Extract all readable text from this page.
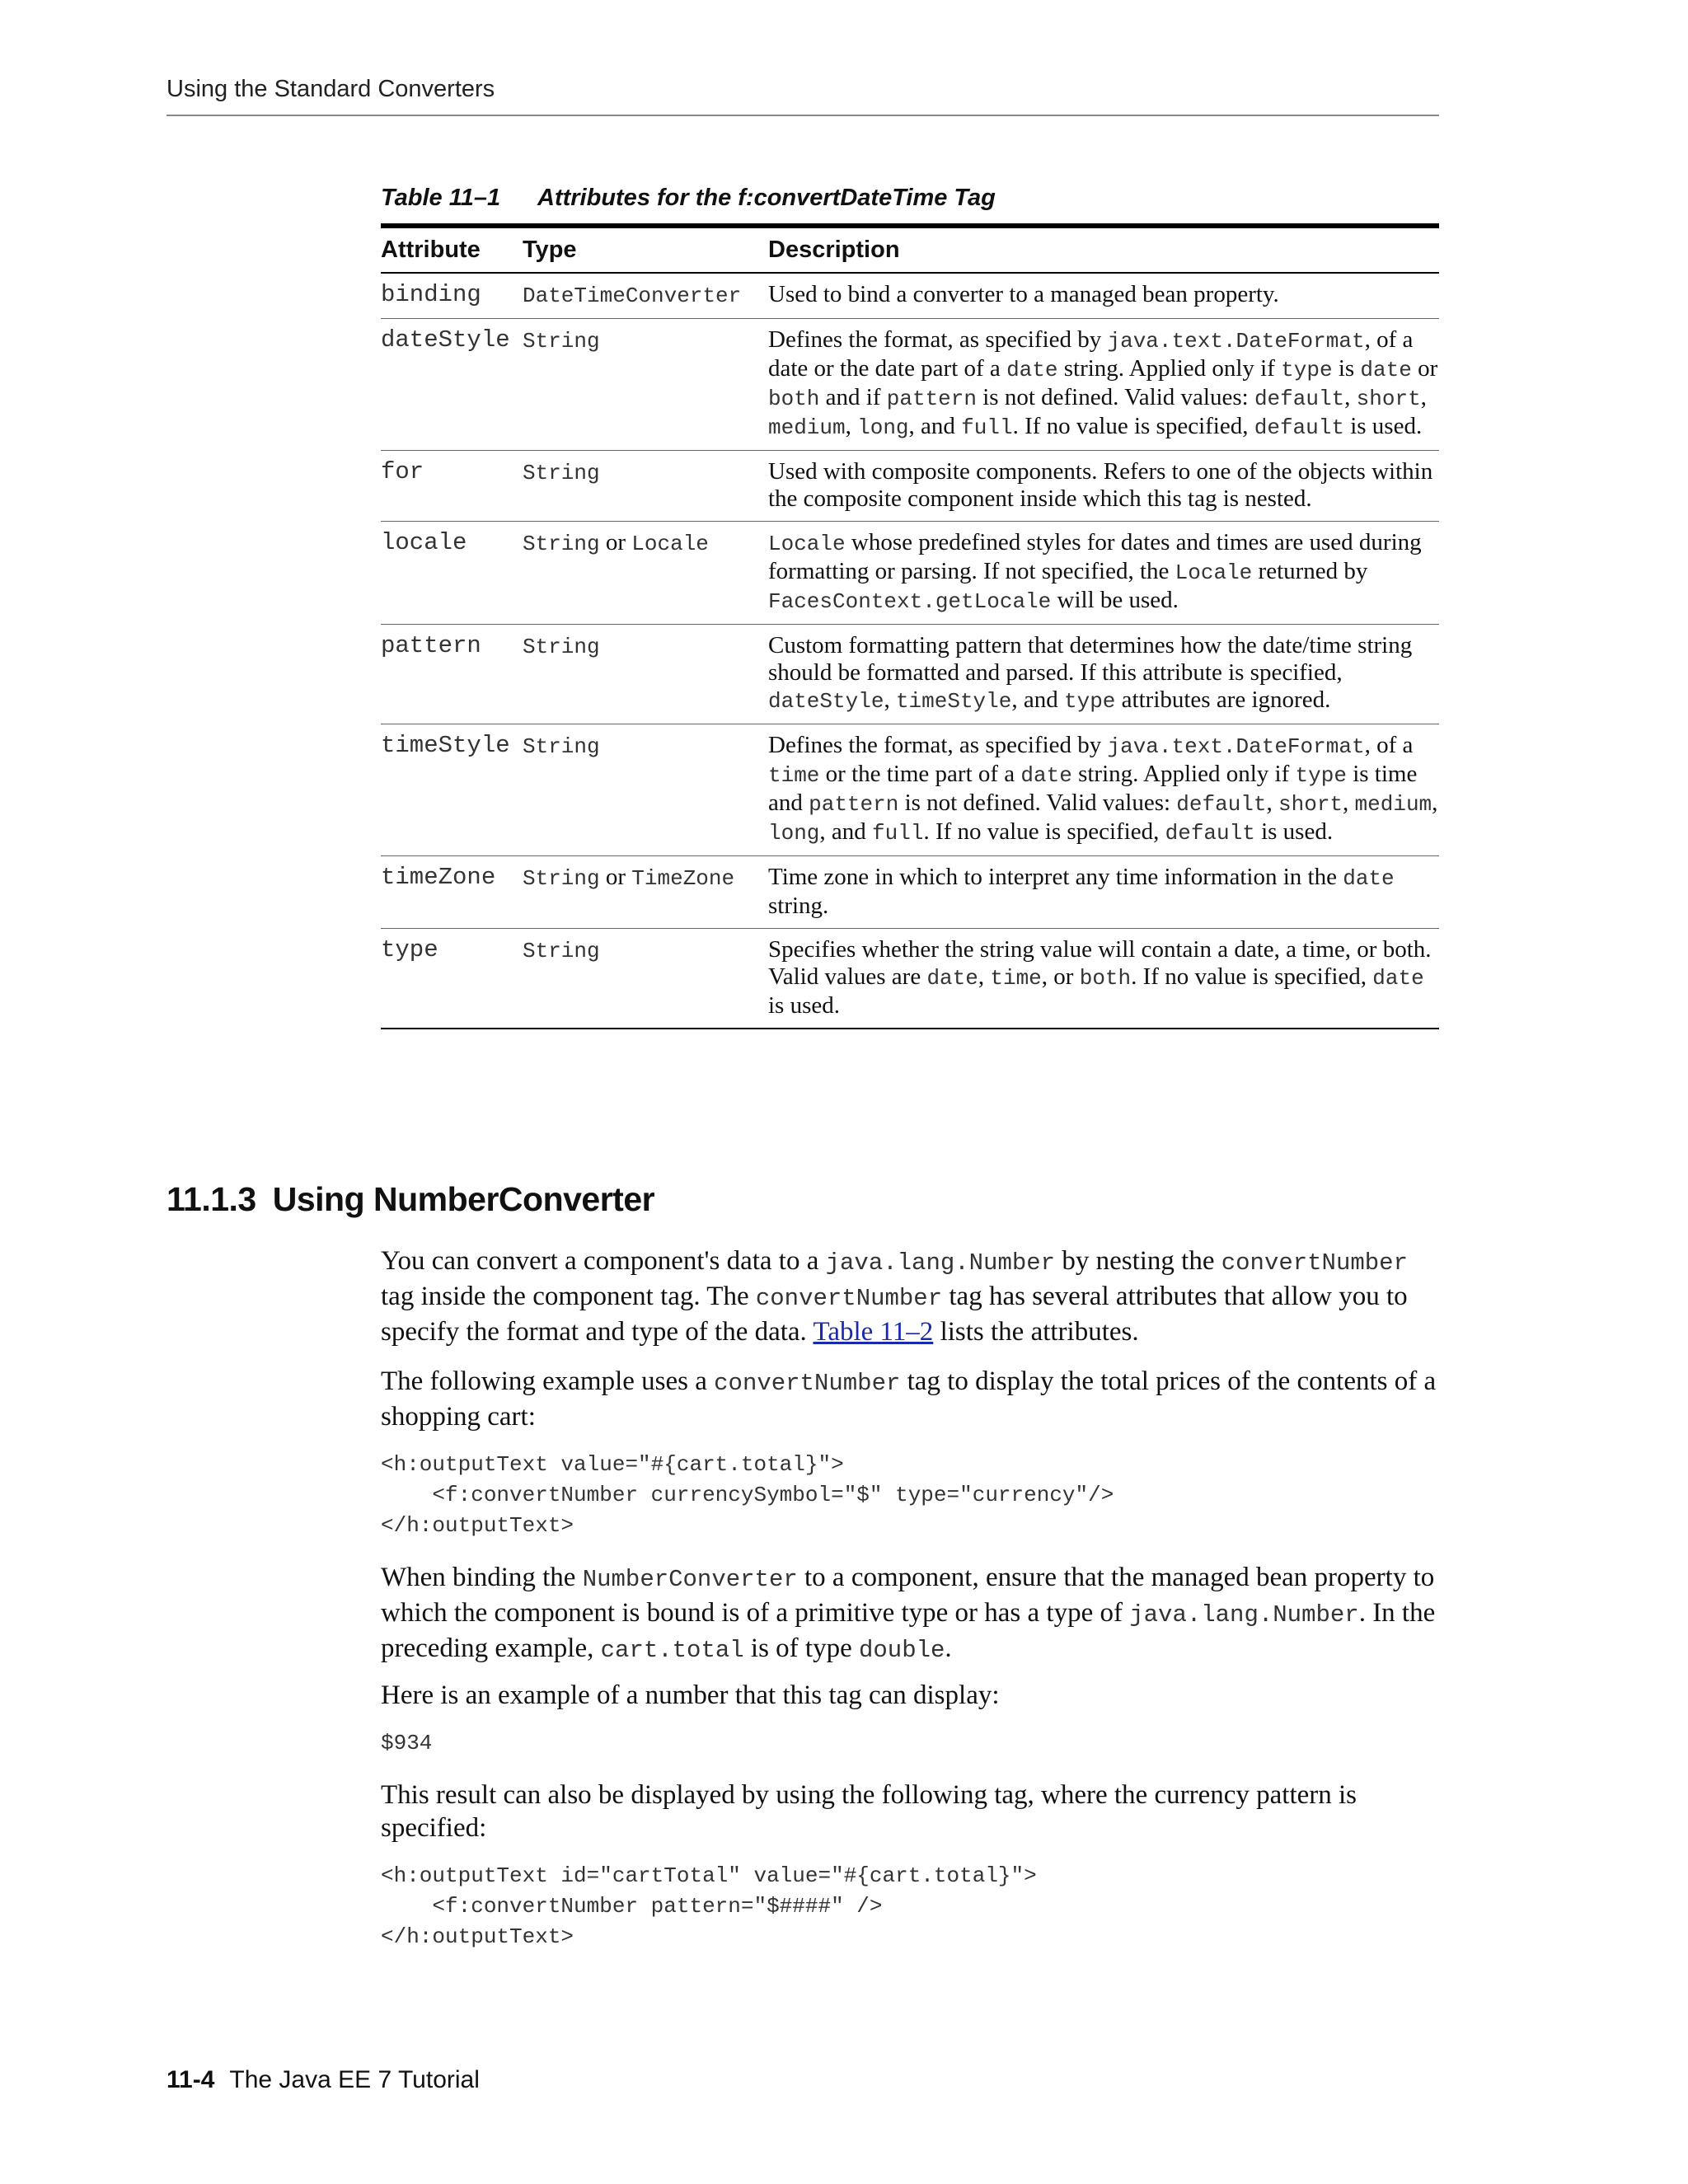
Using the Standard Converters
Table 11–1 Attributes for the f:convertDateTime Tag
Attribute	Type	Description
binding	DateTimeConverter	Used to bind a converter to a managed bean property.
dateStyle	String	Defines the format, as specified by java.text.DateFormat, of a date or the date part of a date string. Applied only if type is date or both and if pattern is not defined. Valid values: default, short, medium, long, and full. If no value is specified, default is used.
for	String	Used with composite components. Refers to one of the objects within the composite component inside which this tag is nested.
locale	String or Locale	Locale whose predefined styles for dates and times are used during formatting or parsing. If not specified, the Locale returned by FacesContext.getLocale will be used.
pattern	String	Custom formatting pattern that determines how the date/time string should be formatted and parsed. If this attribute is specified, dateStyle, timeStyle, and type attributes are ignored.
timeStyle	String	Defines the format, as specified by java.text.DateFormat, of a time or the time part of a date string. Applied only if type is time and pattern is not defined. Valid values: default, short, medium, long, and full. If no value is specified, default is used.
timeZone	String or TimeZone	Time zone in which to interpret any time information in the date string.
type	String	Specifies whether the string value will contain a date, a time, or both. Valid values are date, time, or both. If no value is specified, date is used.
11.1.3 Using NumberConverter

You can convert a component's data to a java.lang.Number by nesting the convertNumber tag inside the component tag. The convertNumber tag has several attributes that allow you to specify the format and type of the data. Table 11–2 lists the attributes.

The following example uses a convertNumber tag to display the total prices of the contents of a shopping cart:

<h:outputText value="#{cart.total}">
<f:convertNumber currencySymbol="$" type="currency"/>
</h:outputText>

When binding the NumberConverter to a component, ensure that the managed bean property to which the component is bound is of a primitive type or has a type of java.lang.Number. In the preceding example, cart.total is of type double.

Here is an example of a number that this tag can display:

$934

This result can also be displayed by using the following tag, where the currency pattern is specified:

<h:outputText id="cartTotal" value="#{cart.total}">
<f:convertNumber pattern="$####" />
</h:outputText>
11-4 The Java EE 7 Tutorial
